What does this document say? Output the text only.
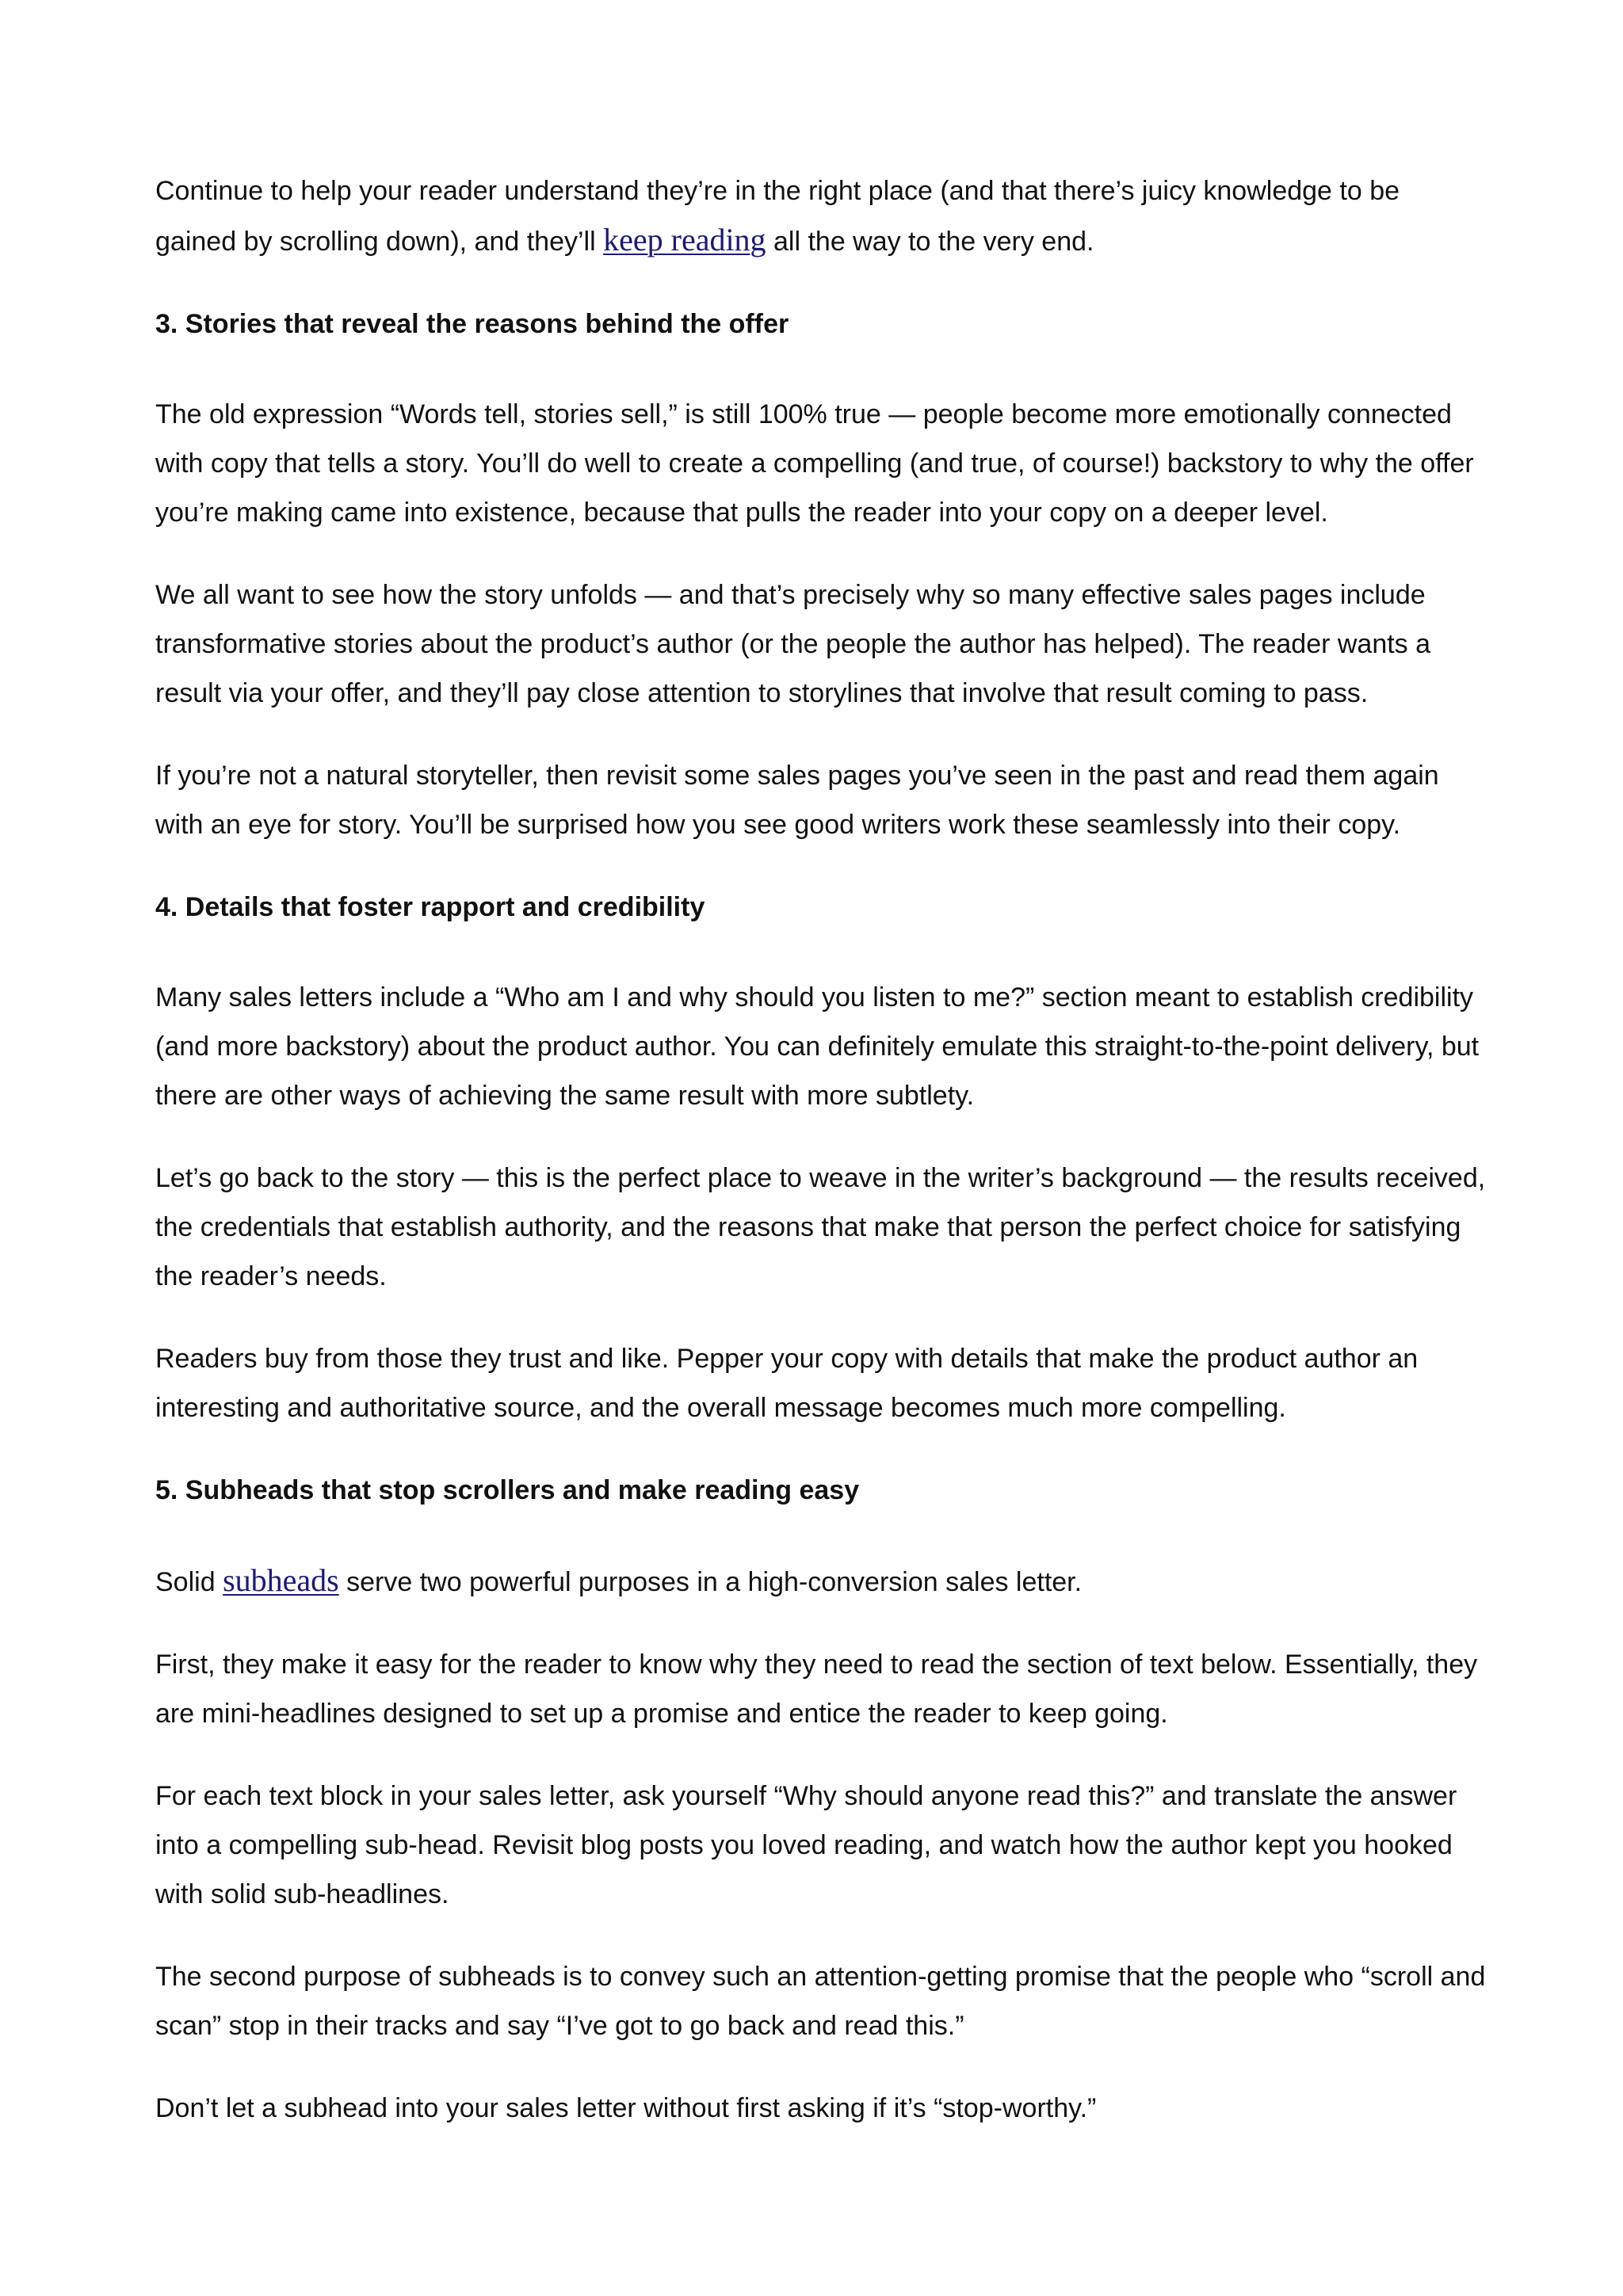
Continue to help your reader understand they’re in the right place (and that there’s juicy knowledge to be gained by scrolling down), and they’ll keep reading all the way to the very end.

3. Stories that reveal the reasons behind the offer

The old expression “Words tell, stories sell,” is still 100% true — people become more emotionally connected with copy that tells a story. You’ll do well to create a compelling (and true, of course!) backstory to why the offer you’re making came into existence, because that pulls the reader into your copy on a deeper level.

We all want to see how the story unfolds — and that’s precisely why so many effective sales pages include transformative stories about the product’s author (or the people the author has helped). The reader wants a result via your offer, and they’ll pay close attention to storylines that involve that result coming to pass.

If you’re not a natural storyteller, then revisit some sales pages you’ve seen in the past and read them again with an eye for story. You’ll be surprised how you see good writers work these seamlessly into their copy.

4. Details that foster rapport and credibility

Many sales letters include a “Who am I and why should you listen to me?” section meant to establish credibility (and more backstory) about the product author. You can definitely emulate this straight-to-the-point delivery, but there are other ways of achieving the same result with more subtlety.

Let’s go back to the story — this is the perfect place to weave in the writer’s background — the results received, the credentials that establish authority, and the reasons that make that person the perfect choice for satisfying the reader’s needs.

Readers buy from those they trust and like. Pepper your copy with details that make the product author an interesting and authoritative source, and the overall message becomes much more compelling.

5. Subheads that stop scrollers and make reading easy

Solid subheads serve two powerful purposes in a high-conversion sales letter.

First, they make it easy for the reader to know why they need to read the section of text below. Essentially, they are mini-headlines designed to set up a promise and entice the reader to keep going.

For each text block in your sales letter, ask yourself “Why should anyone read this?” and translate the answer into a compelling sub-head. Revisit blog posts you loved reading, and watch how the author kept you hooked with solid sub-headlines.

The second purpose of subheads is to convey such an attention-getting promise that the people who “scroll and scan” stop in their tracks and say “I’ve got to go back and read this.”

Don’t let a subhead into your sales letter without first asking if it’s “stop-worthy.”
